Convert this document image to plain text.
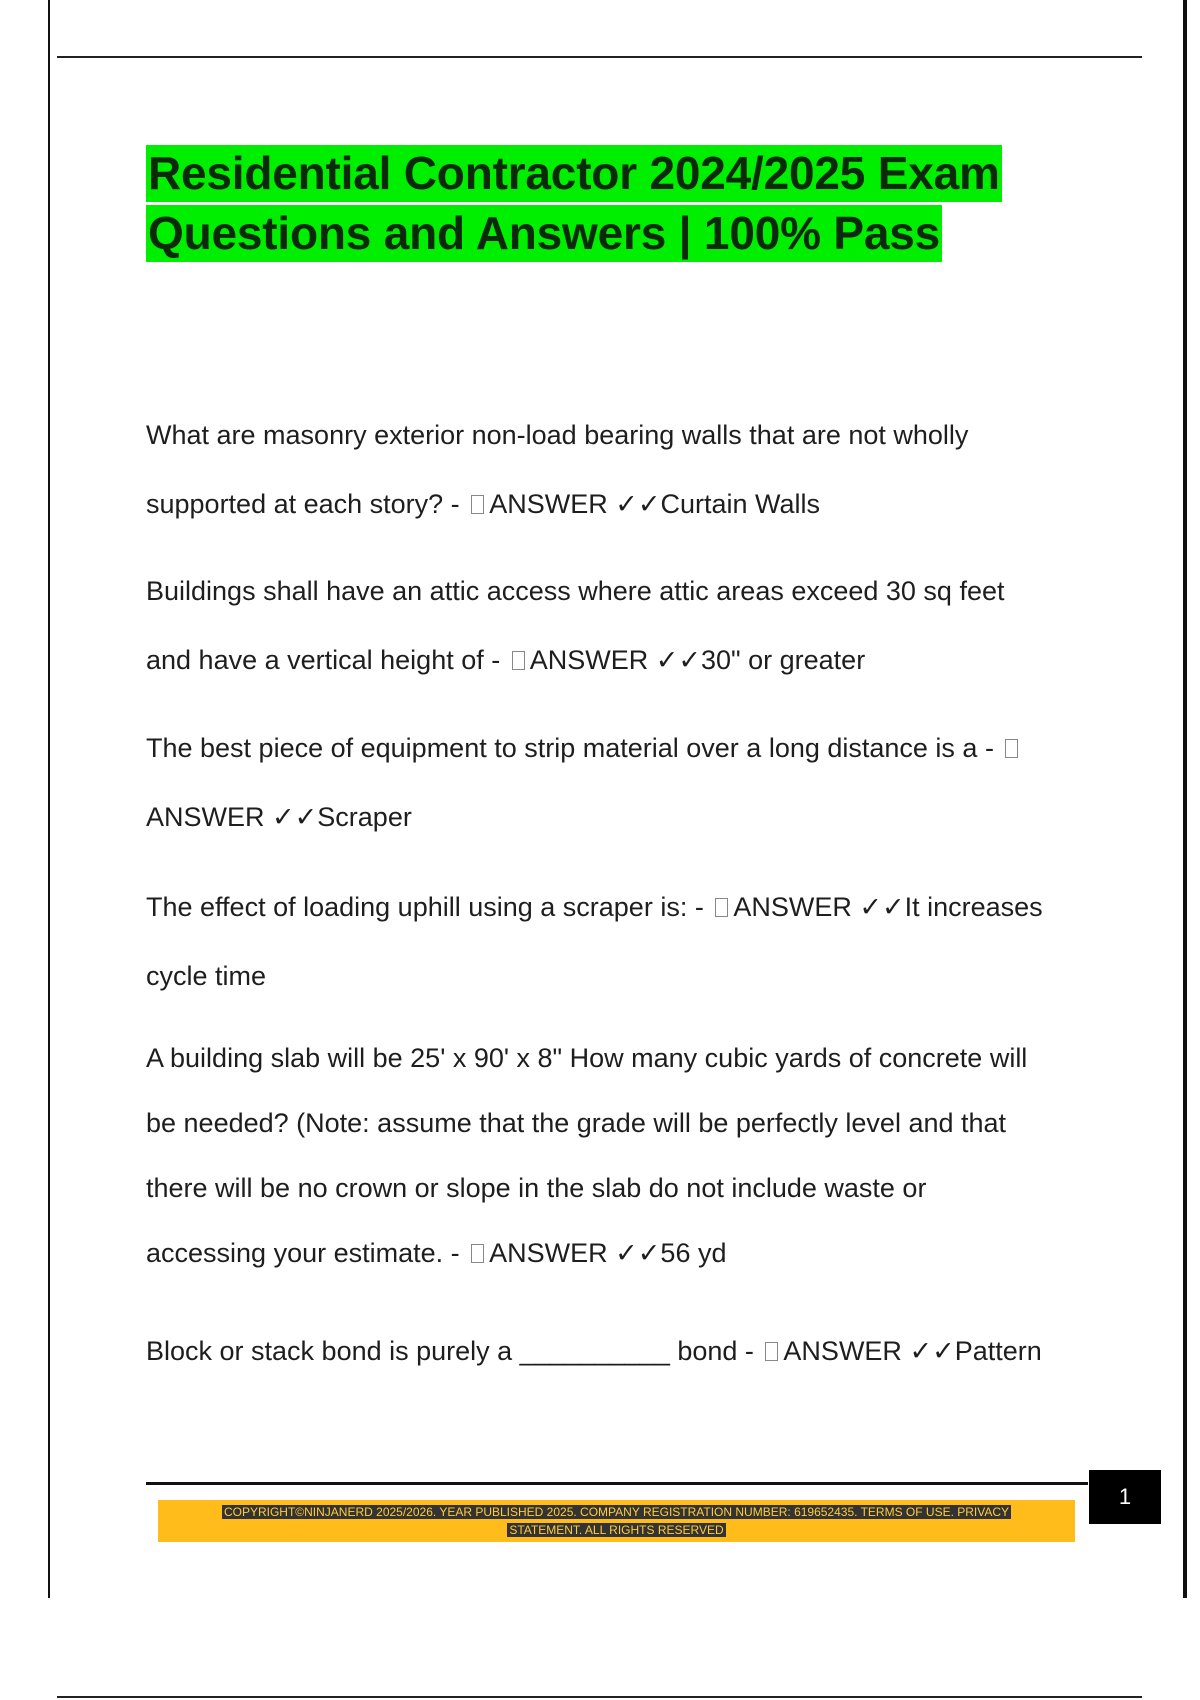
Residential Contractor 2024/2025 Exam
Questions and Answers | 100% Pass

What are masonry exterior non-load bearing walls that are not wholly
supported at each story? - ANSWER ✓✓Curtain Walls

Buildings shall have an attic access where attic areas exceed 30 sq feet
and have a vertical height of - ANSWER ✓✓30" or greater

The best piece of equipment to strip material over a long distance is a -
ANSWER ✓✓Scraper

The effect of loading uphill using a scraper is: - ANSWER ✓✓It increases
cycle time

A building slab will be 25' x 90' x 8" How many cubic yards of concrete will
be needed? (Note: assume that the grade will be perfectly level and that
there will be no crown or slope in the slab do not include waste or
accessing your estimate. - ANSWER ✓✓56 yd

Block or stack bond is purely a __________ bond - ANSWER ✓✓Pattern

1
COPYRIGHT©NINJANERD 2025/2026. YEAR PUBLISHED 2025. COMPANY REGISTRATION NUMBER: 619652435. TERMS OF USE. PRIVACY
STATEMENT. ALL RIGHTS RESERVED
